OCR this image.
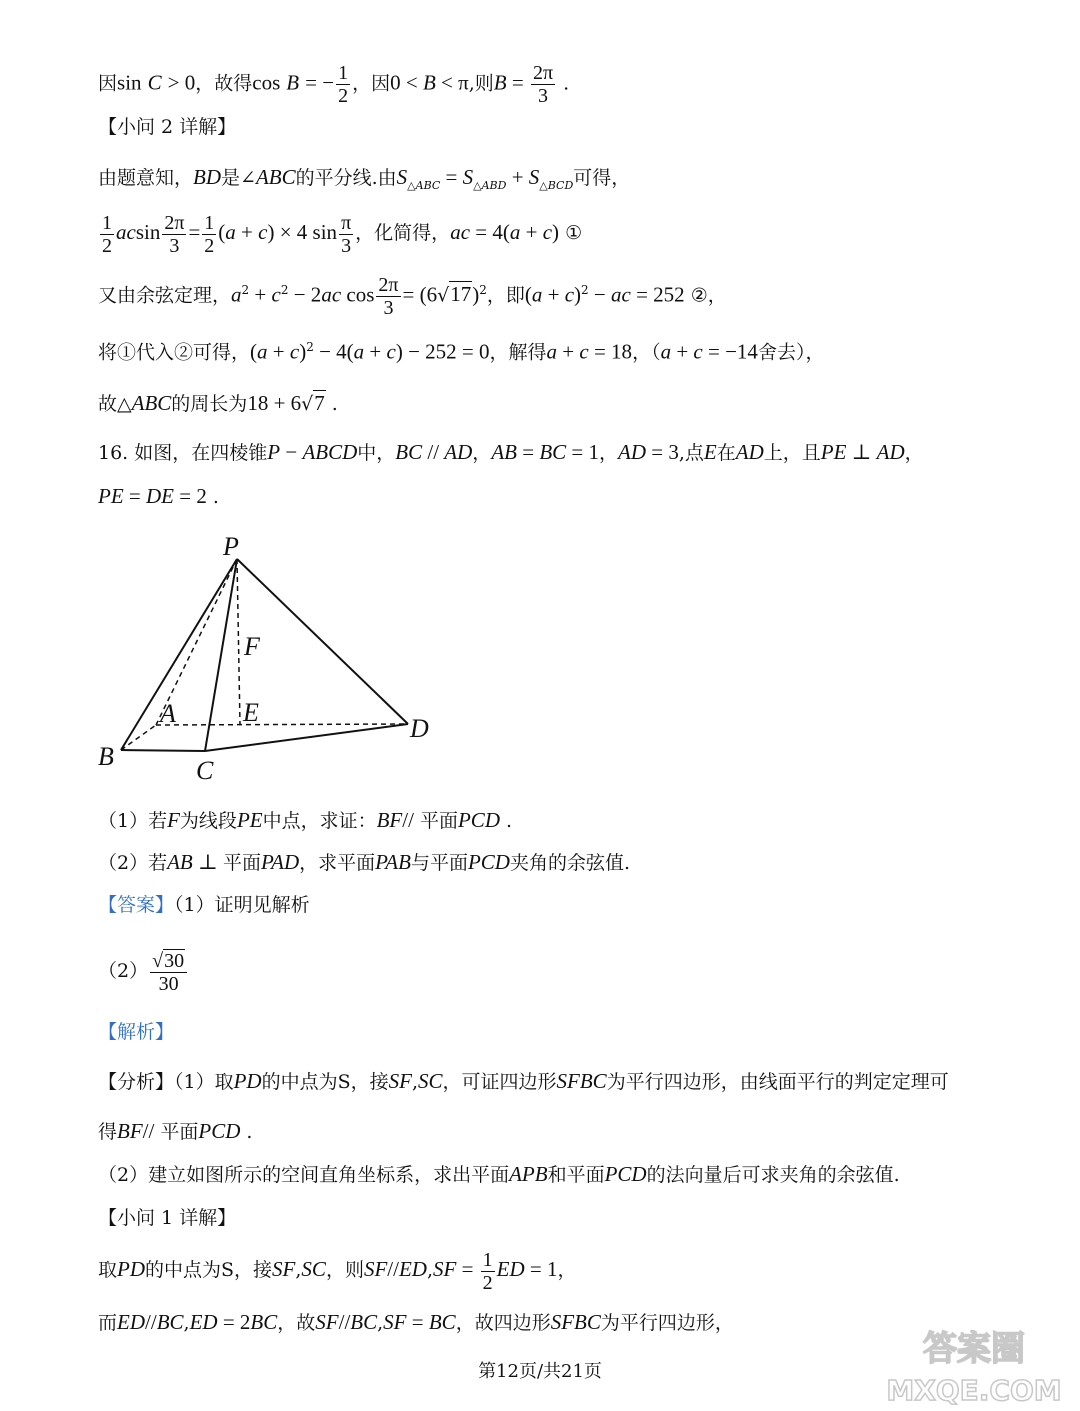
因sin C > 0，故得cos B = − $\frac{1}{2}$ ，因0 < B < π,则$B = \frac{2\pi}{3}$ .
【小问 2 详解】
由题意知，BD是∠ABC的平分线.由$S_{\triangle ABC} = S_{\triangle ABD} + S_{\triangle BCD}$可得，
$\frac{1}{2}$ acsin $\frac{2\pi}{3} = \frac{1}{2} (a + c) \times 4$ $\sin \frac{\pi}{3}$ ，化简得，ac = 4(a + c) ①
又由余弦定理，$a^2 + c^2 - 2ac$ $\cos \frac{2\pi}{3} = (6√17)^2$，即$(a + c)^2$ − ac = 252 ②，
将①代入②可得，$(a + c)^2 - 4(a + c) - 252 = 0$，解得a + c = 18，（a + c = −14舍去），
故△ABC的周长为18 + 6√7 .
16. 如图，在四棱锥P − ABCD中，BC // AD，AB = BC = 1，AD = 3,点E在AD上，且PE ⊥ AD，
PE = DE = 2 .
P
F
A	E
B	C
D
（1）若F为线段PE中点，求证：BF// 平面PCD .
（2）若AB ⊥ 平面PAD，求平面PAB与平面PCD夹角的余弦值.
【答案】（1）证明见解析
$(2) \frac{√30}{30}$
【解析】
【分析】（1）取PD的中点为S，接SF,SC，可证四边形SFBC为平行四边形，由线面平行的判定定理可
得BF// 平面PCD .
（2）建立如图所示的空间直角坐标系，求出平面APB和平面PCD的法向量后可求夹角的余弦值.
【小问 1 详解】
取PD的中点为S，接SF,SC，则$SF//ED,SF = \frac{1}{2}$ ED = 1，
而ED//BC,ED = 2BC，故SF//BC,SF = BC，故四边形SFBC为平行四边形，
第12页/共21页
答案圈
MXQE.COM
